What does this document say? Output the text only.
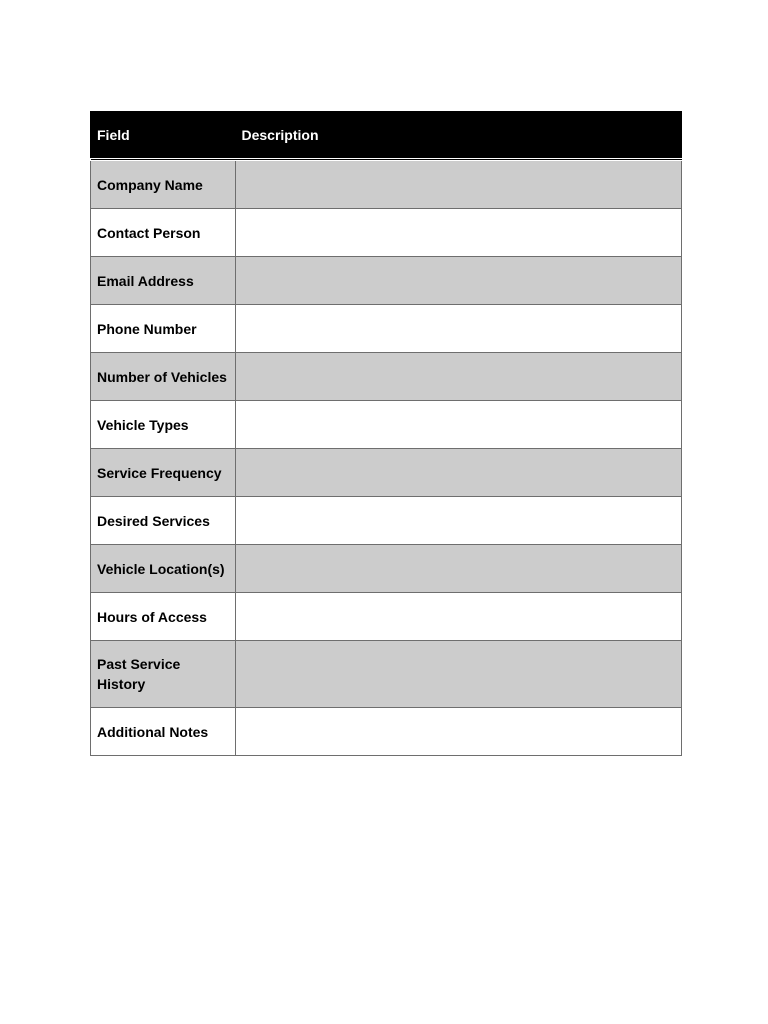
Field	Description
Company Name	
Contact Person	
Email Address	
Phone Number	
Number of Vehicles	
Vehicle Types	
Service Frequency	
Desired Services	
Vehicle Location(s)	
Hours of Access	
Past Service History	
Additional Notes	
